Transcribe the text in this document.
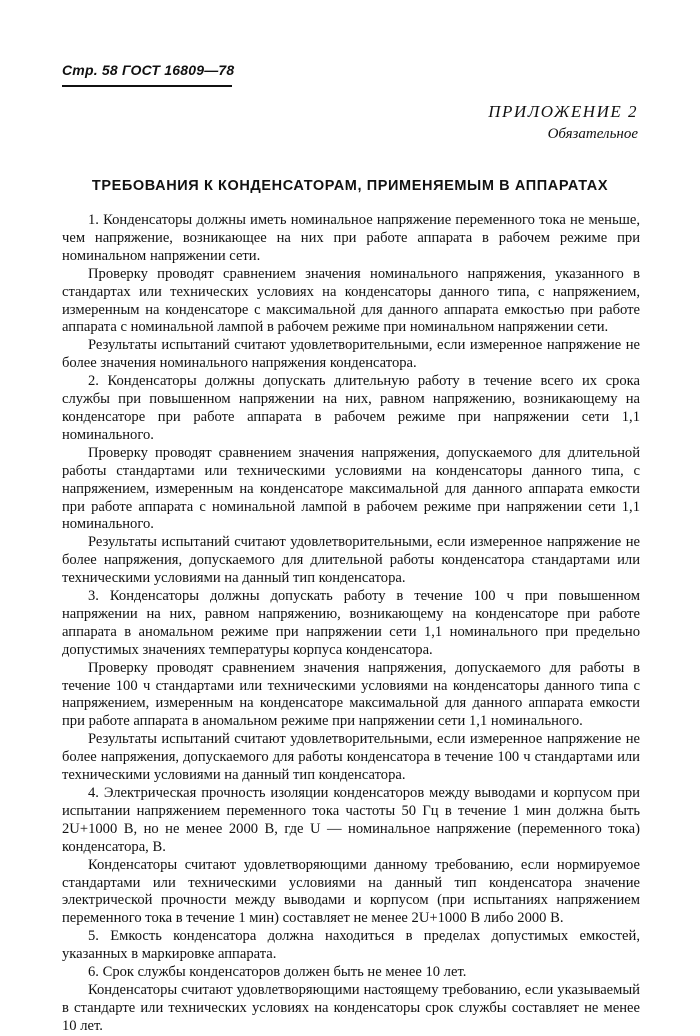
Стр. 58 ГОСТ 16809—78
ПРИЛОЖЕНИЕ 2
Обязательное
ТРЕБОВАНИЯ К КОНДЕНСАТОРАМ, ПРИМЕНЯЕМЫМ В АППАРАТАХ

1. Конденсаторы должны иметь номинальное напряжение переменного тока не меньше, чем напряжение, возникающее на них при работе аппарата в рабочем режиме при номинальном напряжении сети.

Проверку проводят сравнением значения номинального напряжения, указанного в стандартах или технических условиях на конденсаторы данного типа, с напряжением, измеренным на конденсаторе с максимальной для данного аппарата емкостью при работе аппарата с номинальной лампой в рабочем режиме при номинальном напряжении сети.

Результаты испытаний считают удовлетворительными, если измеренное напряжение не более значения номинального напряжения конденсатора.

2. Конденсаторы должны допускать длительную работу в течение всего их срока службы при повышенном напряжении на них, равном напряжению, возникающему на конденсаторе при работе аппарата в рабочем режиме при напряжении сети 1,1 номинального.

Проверку проводят сравнением значения напряжения, допускаемого для длительной работы стандартами или техническими условиями на конденсаторы данного типа, с напряжением, измеренным на конденсаторе максимальной для данного аппарата емкости при работе аппарата с номинальной лампой в рабочем режиме при напряжении сети 1,1 номинального.

Результаты испытаний считают удовлетворительными, если измеренное напряжение не более напряжения, допускаемого для длительной работы конденсатора стандартами или техническими условиями на данный тип конденсатора.

3. Конденсаторы должны допускать работу в течение 100 ч при повышенном напряжении на них, равном напряжению, возникающему на конденсаторе при работе аппарата в аномальном режиме при напряжении сети 1,1 номинального при предельно допустимых значениях температуры корпуса конденсатора.

Проверку проводят сравнением значения напряжения, допускаемого для работы в течение 100 ч стандартами или техническими условиями на конденсаторы данного типа с напряжением, измеренным на конденсаторе максимальной для данного аппарата емкости при работе аппарата в аномальном режиме при напряжении сети 1,1 номинального.

Результаты испытаний считают удовлетворительными, если измеренное напряжение не более напряжения, допускаемого для работы конденсатора в течение 100 ч стандартами или техническими условиями на данный тип конденсатора.

4. Электрическая прочность изоляции конденсаторов между выводами и корпусом при испытании напряжением переменного тока частоты 50 Гц в течение 1 мин должна быть 2U+1000 В, но не менее 2000 В, где U — номинальное напряжение (переменного тока) конденсатора, В.

Конденсаторы считают удовлетворяющими данному требованию, если нормируемое стандартами или техническими условиями на данный тип конденсатора значение электрической прочности между выводами и корпусом (при испытаниях напряжением переменного тока в течение 1 мин) составляет не менее 2U+1000 В либо 2000 В.

5. Емкость конденсатора должна находиться в пределах допустимых емкостей, указанных в маркировке аппарата.

6. Срок службы конденсаторов должен быть не менее 10 лет.

Конденсаторы считают удовлетворяющими настоящему требованию, если указываемый в стандарте или технических условиях на конденсаторы срок службы составляет не менее 10 лет.
